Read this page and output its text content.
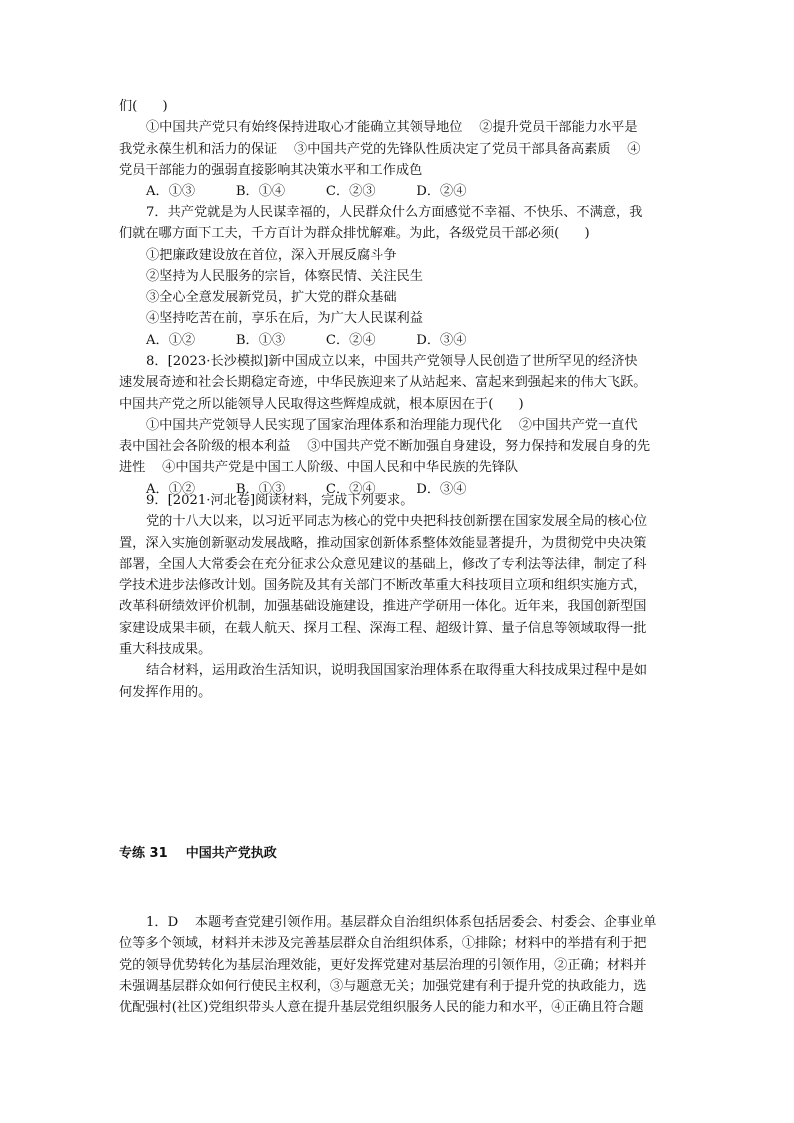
们(      )
①中国共产党只有始终保持进取心才能确立其领导地位    ②提升党员干部能力水平是
我党永葆生机和活力的保证    ③中国共产党的先锋队性质决定了党员干部具备高素质    ④
党员干部能力的强弱直接影响其决策水平和工作成色
A．①③    B．①④    C．②③    D．②④
7．共产党就是为人民谋幸福的，人民群众什么方面感觉不幸福、不快乐、不满意，我
们就在哪方面下工夫，千方百计为群众排忧解难。为此，各级党员干部必须(      )
①把廉政建设放在首位，深入开展反腐斗争
②坚持为人民服务的宗旨，体察民情、关注民生
③全心全意发展新党员，扩大党的群众基础
④坚持吃苦在前，享乐在后，为广大人民谋利益
A．①②    B．①③    C．②④    D．③④
8．[2023·长沙模拟]新中国成立以来，中国共产党领导人民创造了世所罕见的经济快
速发展奇迹和社会长期稳定奇迹，中华民族迎来了从站起来、富起来到强起来的伟大飞跃。
中国共产党之所以能领导人民取得这些辉煌成就，根本原因在于(      )
①中国共产党领导人民实现了国家治理体系和治理能力现代化    ②中国共产党一直代
表中国社会各阶级的根本利益    ③中国共产党不断加强自身建设，努力保持和发展自身的先
进性    ④中国共产党是中国工人阶级、中国人民和中华民族的先锋队
A．①②    B．①③    C．②④    D．③④
9．[2021·河北卷]阅读材料，完成下列要求。
党的十八大以来，以习近平同志为核心的党中央把科技创新摆在国家发展全局的核心位
置，深入实施创新驱动发展战略，推动国家创新体系整体效能显著提升，为贯彻党中央决策
部署，全国人大常委会在充分征求公众意见建议的基础上，修改了专利法等法律，制定了科
学技术进步法修改计划。国务院及其有关部门不断改革重大科技项目立项和组织实施方式，
改革科研绩效评价机制，加强基础设施建设，推进产学研用一体化。近年来，我国创新型国
家建设成果丰硕，在载人航天、探月工程、深海工程、超级计算、量子信息等领域取得一批
重大科技成果。
结合材料，运用政治生活知识，说明我国国家治理体系在取得重大科技成果过程中是如
何发挥作用的。
专练 31    中国共产党执政
1．D    本题考查党建引领作用。基层群众自治组织体系包括居委会、村委会、企事业单
位等多个领域，材料并未涉及完善基层群众自治组织体系，①排除；材料中的举措有利于把
党的领导优势转化为基层治理效能，更好发挥党建对基层治理的引领作用，②正确；材料并
未强调基层群众如何行使民主权利，③与题意无关；加强党建有利于提升党的执政能力，选
优配强村(社区)党组织带头人意在提升基层党组织服务人民的能力和水平，④正确且符合题
